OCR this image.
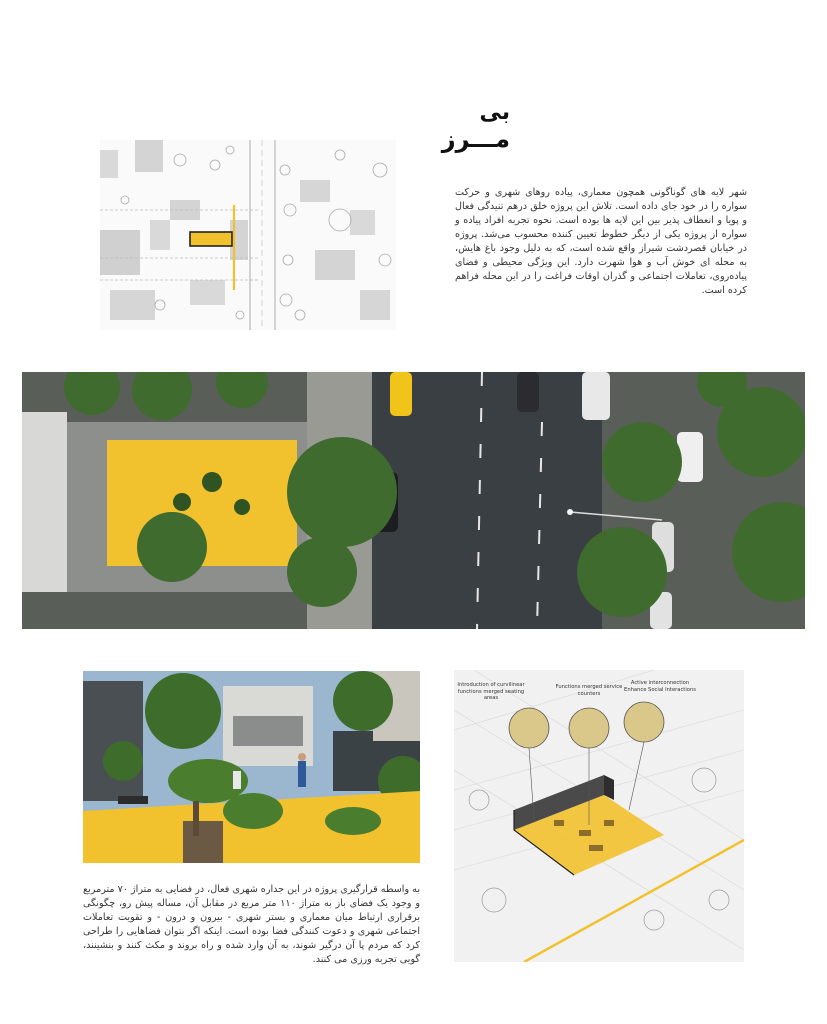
بی
مـــرز
شهر لایه های گوناگونی همچون معماری، پیاده روهای شهری و حرکت سواره را در خود جای داده است. تلاش این پروژه خلق درهم تنیدگی فعال و پویا و انعطاف پذیر بین این لایه ها بوده است. نحوه تجربه افراد پیاده و سواره از پروژه یکی از دیگر خطوط تعیین کننده محسوب می‌شد. پروژه در خیابان قصردشت شیراز واقع شده است، که به دلیل وجود باغ هایش، به محله ای خوش آب و هوا شهرت دارد. این ویژگی محیطی و فضای پیاده‌روی، تعاملات اجتماعی و گذران اوقات فراغت را در این محله فراهم کرده است.
به واسطه قرارگیری پروژه در این جداره شهری فعال، در فضایی به متراژ ۷۰ مترمربع و وجود یک فضای باز به متراژ ۱۱۰ متر مربع در مقابل آن، مساله پیش رو، چگونگی برقراری ارتباط میان معماری و بستر شهری - بیرون و درون - و تقویت تعاملات اجتماعی شهری و دعوت کنندگی فضا بوده است. اینکه اگر بتوان فضاهایی را طراحی کرد که مردم پا آن درگیر شوند، به آن وارد شده و راه بروند و مکث کنند و بنشینند، گویی تجربه ورزی می کنند.
Introduction of curvilinear functions merged seating areas
Functions merged service counters
Active interconnection Enhance Social Interactions
